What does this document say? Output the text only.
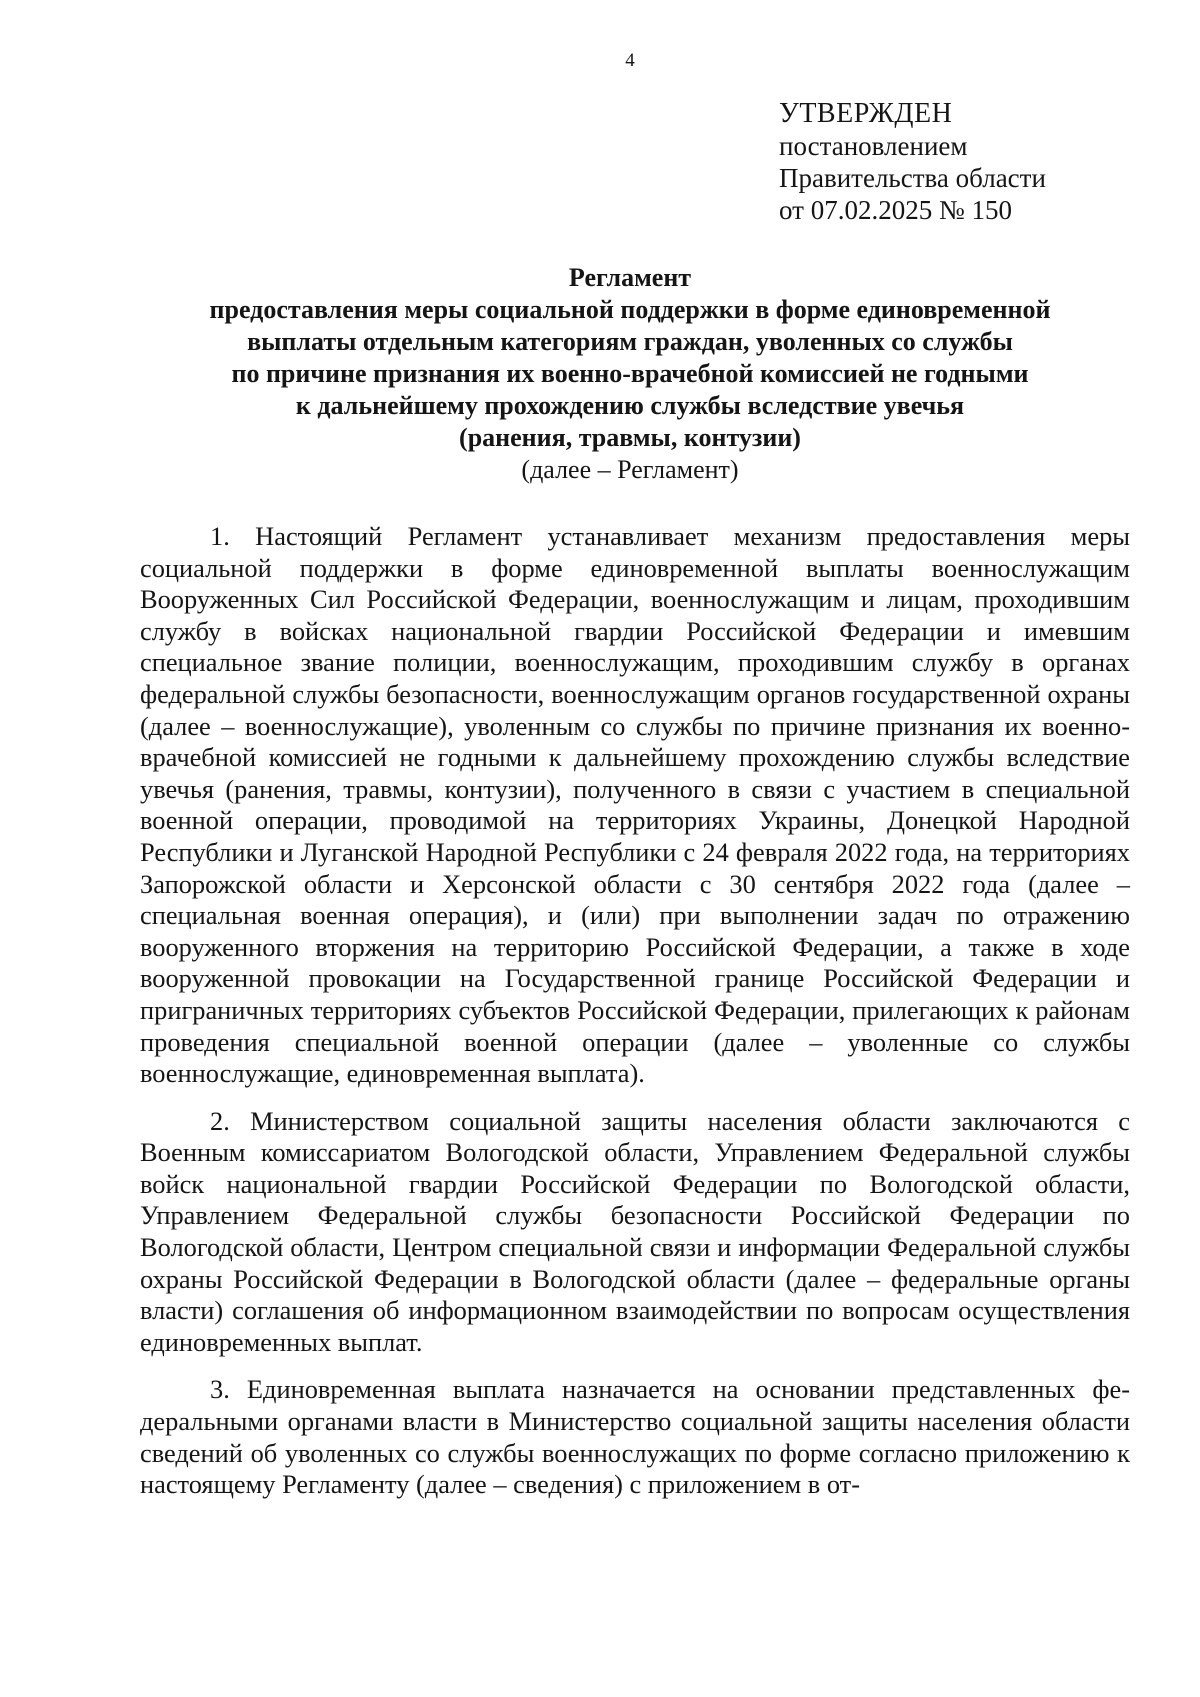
4
УТВЕРЖДЕН
постановлением
Правительства области
от 07.02.2025 № 150
Регламент
предоставления меры социальной поддержки в форме единовременной
выплаты отдельным категориям граждан, уволенных со службы
по причине признания их военно-врачебной комиссией не годными
к дальнейшему прохождению службы вследствие увечья
(ранения, травмы, контузии)
(далее – Регламент)

1. Настоящий Регламент устанавливает механизм предоставления меры социальной поддержки в форме единовременной выплаты военнослужащим Вооруженных Сил Российской Федерации, военнослужащим и лицам, проходившим службу в войсках национальной гвардии Российской Федерации и имевшим специальное звание полиции, военнослужащим, проходившим службу в органах федеральной службы безопасности, военнослужащим органов государственной охраны (далее – военнослужащие), уволенным со службы по причине признания их военно-врачебной комиссией не годными к дальнейшему прохождению службы вследствие увечья (ранения, травмы, контузии), полученного в связи с участием в специальной военной операции, проводимой на территориях Украины, Донецкой Народной Республики и Луганской Народной Республики с 24 февраля 2022 года, на территориях Запорожской области и Херсонской области с 30 сентября 2022 года (далее – специальная военная операция), и (или) при выполнении задач по отражению вооруженного вторжения на территорию Российской Федерации, а также в ходе вооруженной провокации на Государственной границе Российской Федерации и приграничных территориях субъектов Российской Федерации, прилегающих к районам проведения специальной военной операции (далее – уволенные со службы военнослужащие, единовременная выплата).

2. Министерством социальной защиты населения области заключаются с Военным комиссариатом Вологодской области, Управлением Федеральной службы войск национальной гвардии Российской Федерации по Вологодской области, Управлением Федеральной службы безопасности Российской Федерации по Вологодской области, Центром специальной связи и информации Федеральной службы охраны Российской Федерации в Вологодской области (далее – федеральные органы власти) соглашения об информационном взаимодействии по вопросам осуществления единовременных выплат.

3. Единовременная выплата назначается на основании представленных федеральными органами власти в Министерство социальной защиты населения области сведений об уволенных со службы военнослужащих по форме согласно приложению к настоящему Регламенту (далее – сведения) с приложением в от-
